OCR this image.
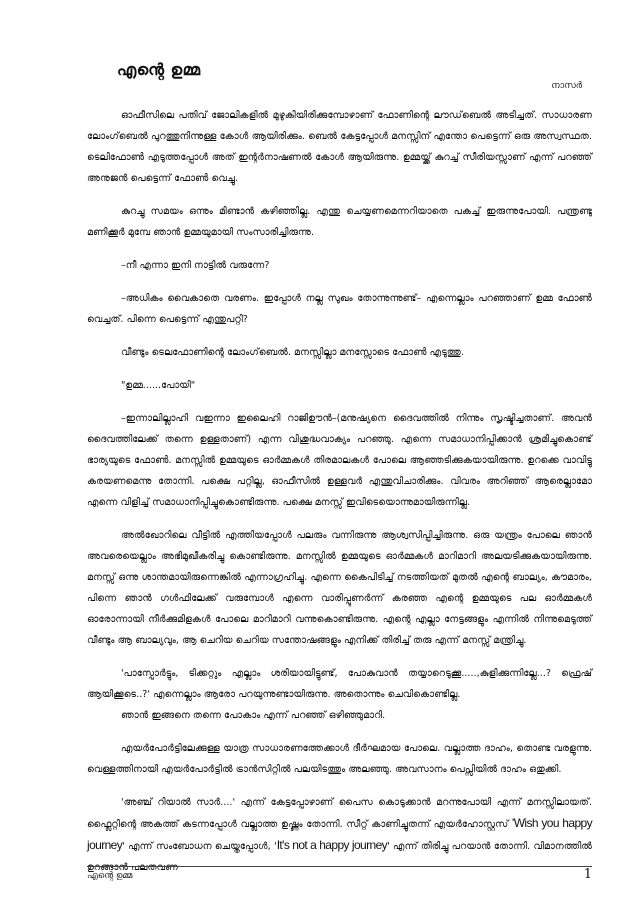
എന്റെ ഉമ്മ
നാസർ

ഓഫീസിലെ പതിവ് ജോലികളിൽ മുഴുകിയിരിക്കുമ്പോഴാണ് ഫോണിന്റെ ലൗഡ്‌ബെൽ അടിച്ചത്. സാധാരണ ലോംഗ്‌ബെൽ പുറത്തുനിന്നുള്ള കോൾ ആയിരിക്കും. ബെൽ കേട്ടപ്പോൾ മനസ്സിന് എന്തോ പെട്ടെന്ന് ഒരു അസ്വസ്ഥത. ടെലിഫോൺ എടുത്തപ്പോൾ അത് ഇന്റർനാഷണൽ കോൾ ആയിരുന്നു. ഉമ്മയ്ക്ക് കുറച്ച് സീരിയസ്സാണ് എന്ന് പറഞ്ഞ് അനുജൻ പെട്ടെന്ന് ഫോൺ വെച്ചു.

കുറച്ചു സമയം ഒന്നും മിണ്ടാൻ കഴിഞ്ഞില്ല. എന്തു ചെയ്യണമെന്നറിയാതെ പകച്ച് ഇരുന്നുപോയി. പന്ത്രണ്ടു മണിക്കൂർ മുമ്പേ ഞാൻ ഉമ്മയുമായി സംസാരിച്ചിരുന്നു.

–നീ എന്നാ ഇനി നാട്ടിൽ വരുന്നേ?

–അധികം വൈകാതെ വരണം. ഇപ്പോൾ നല്ല സുഖം തോന്നുന്നുണ്ട്– എന്നെല്ലാം പറഞ്ഞാണ് ഉമ്മ ഫോൺ വെച്ചത്. പിന്നെ പെട്ടെന്ന് എന്തുപറ്റി?

വീണ്ടും ടെലഫോണിന്റെ ലോംഗ്‌ബെൽ. മനസ്സില്ലാ മനസ്സോടെ ഫോൺ എടുത്തു.

"ഉമ്മ......പോയി"

–ഇന്നാലില്ലാഹി വഇന്നാ ഇലൈഹി റാജിഊൻ–(മനുഷ്യനെ ദൈവത്തിൽ നിന്നും സൃഷ്ടിച്ചതാണ്. അവൻ ദൈവത്തിലേക്ക് തന്നെ ഉള്ളതാണ്) എന്ന വിശുദ്ധവാക്യം പറഞ്ഞു. എന്നെ സമാധാനിപ്പിക്കാൻ ശ്രമിച്ചുകൊണ്ട് ഭാര്യയുടെ ഫോൺ. മനസ്സിൽ ഉമ്മയുടെ ഓർമ്മകൾ തിരമാലകൾ പോലെ ആഞ്ഞടിക്കുകയായിരുന്നു. ഉറക്കെ വാവിട്ടു കരയണമെന്നു തോന്നി. പക്ഷെ പറ്റില്ല, ഓഫീസിൽ ഉള്ളവർ എന്തുവിചാരിക്കും. വിവരം അറിഞ്ഞ് ആരെല്ലാമോ എന്നെ വിളിച്ച് സമാധാനിപ്പിച്ചുകൊണ്ടിരുന്നു. പക്ഷെ മനസ്സ് ഇവിടെയൊന്നുമായിരുന്നില്ല.

അൽഖോറിലെ വീട്ടിൽ എത്തിയപ്പോൾ പലരും വന്നിരുന്നു ആശ്വസിപ്പിച്ചിരുന്നു. ഒരു യന്ത്രം പോലെ ഞാൻ അവരെയെല്ലാം അഭിമുഖീകരിച്ചു കൊണ്ടിരുന്നു. മനസ്സിൽ ഉമ്മയുടെ ഓർമ്മകൾ മാറിമാറി അലയടിക്കുകയായിരുന്നു. മനസ്സ് ഒന്നു ശാന്തമായിരുന്നെങ്കിൽ എന്നാഗ്രഹിച്ചു. എന്നെ കൈപിടിച്ച് നടത്തിയത് മുതൽ എന്റെ ബാല്യം, കൗമാരം, പിന്നെ ഞാൻ ഗൾഫിലേക്ക് വരുമ്പോൾ എന്നെ വാരിപ്പുണർന്ന് കരഞ്ഞ എന്റെ ഉമ്മയുടെ പല ഓർമ്മകൾ ഓരോന്നായി നീർക്കുമിളകൾ പോലെ മാറിമാറി വന്നുകൊണ്ടിരുന്നു. എന്റെ എല്ലാ നേട്ടങ്ങളും എന്നിൽ നിന്നുമെടുത്ത് വീണ്ടും ആ ബാല്യവും, ആ ചെറിയ ചെറിയ സന്തോഷങ്ങളും എനിക്ക് തിരിച്ച് തരു എന്ന് മനസ്സ് മന്ത്രിച്ചു.

'പാസ്പോർട്ടും, ടിക്കറ്റും എല്ലാം ശരിയായിട്ടുണ്ട്, പോകുവാൻ തയ്യാറെടുക്കൂ.....,കുളിക്കുന്നില്ലേ...? ഫ്രെഷ് ആയിക്കൂടെ..?' എന്നെല്ലാം ആരോ പറയുന്നുണ്ടായിരുന്നു. അതൊന്നും ചെവികൊണ്ടില്ല.

ഞാൻ ഇങ്ങനെ തന്നെ പോകാം എന്ന് പറഞ്ഞ് ഒഴിഞ്ഞുമാറി.

എയർപോർട്ടിലേക്കുള്ള യാത്ര സാധാരണത്തേക്കാൾ ദീർഘമായ പോലെ. വല്ലാത്ത ദാഹം, തൊണ്ട വരളുന്നു. വെള്ളത്തിനായി എയർപോർട്ടിൽ ട്രാൻസിറ്റിൽ പലയിടത്തും അലഞ്ഞു. അവസാനം പെപ്സിയിൽ ദാഹം ഒതുക്കി.

'അഞ്ച് റിയാൽ സാർ....' എന്ന് കേട്ടപ്പോഴാണ് പൈസ കൊടുക്കാൻ മറന്നുപോയി എന്ന് മനസ്സിലായത്. ഫ്ലൈറ്റിന്റെ അകത്ത് കടന്നപ്പോൾ വല്ലാത്ത ഉഷ്ണം തോന്നി. സീറ്റ് കാണിച്ചുതന്ന് എയർഹോസ്റ്റസ് 'Wish you happy journey' എന്ന് സംബോധന ചെയ്തപ്പോൾ, 'It's not a happy journey' എന്ന് തിരിച്ചു പറയാൻ തോന്നി. വിമാനത്തിൽ ഉറങ്ങാൻ പലതവണ

എന്റെ ഉമ്മ	1
